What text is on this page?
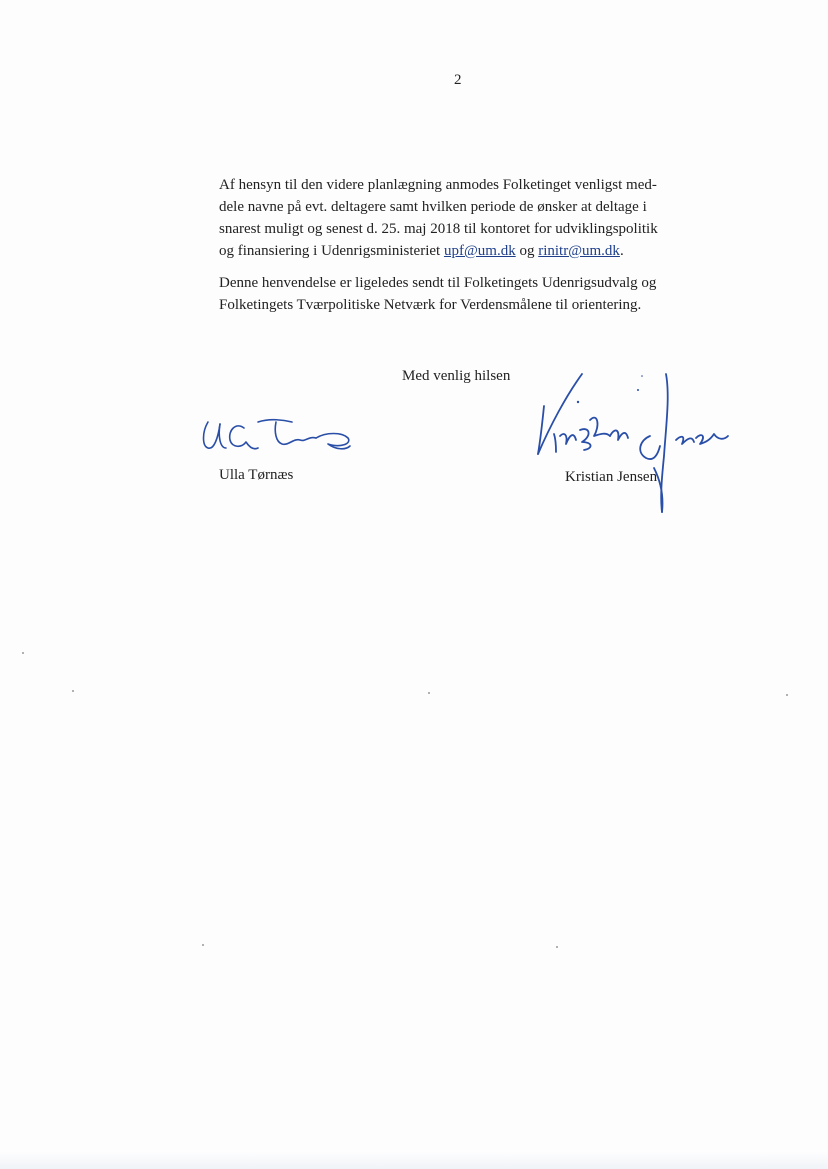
2
Af hensyn til den videre planlægning anmodes Folketinget venligst med-
dele navne på evt. deltagere samt hvilken periode de ønsker at deltage i
snarest muligt og senest d. 25. maj 2018 til kontoret for udviklingspolitik
og finansiering i Udenrigsministeriet upf@um.dk og rinitr@um.dk.
Denne henvendelse er ligeledes sendt til Folketingets Udenrigsudvalg og
Folketingets Tværpolitiske Netværk for Verdensmålene til orientering.
Med venlig hilsen
Ulla Tørnæs	Kristian Jensen
